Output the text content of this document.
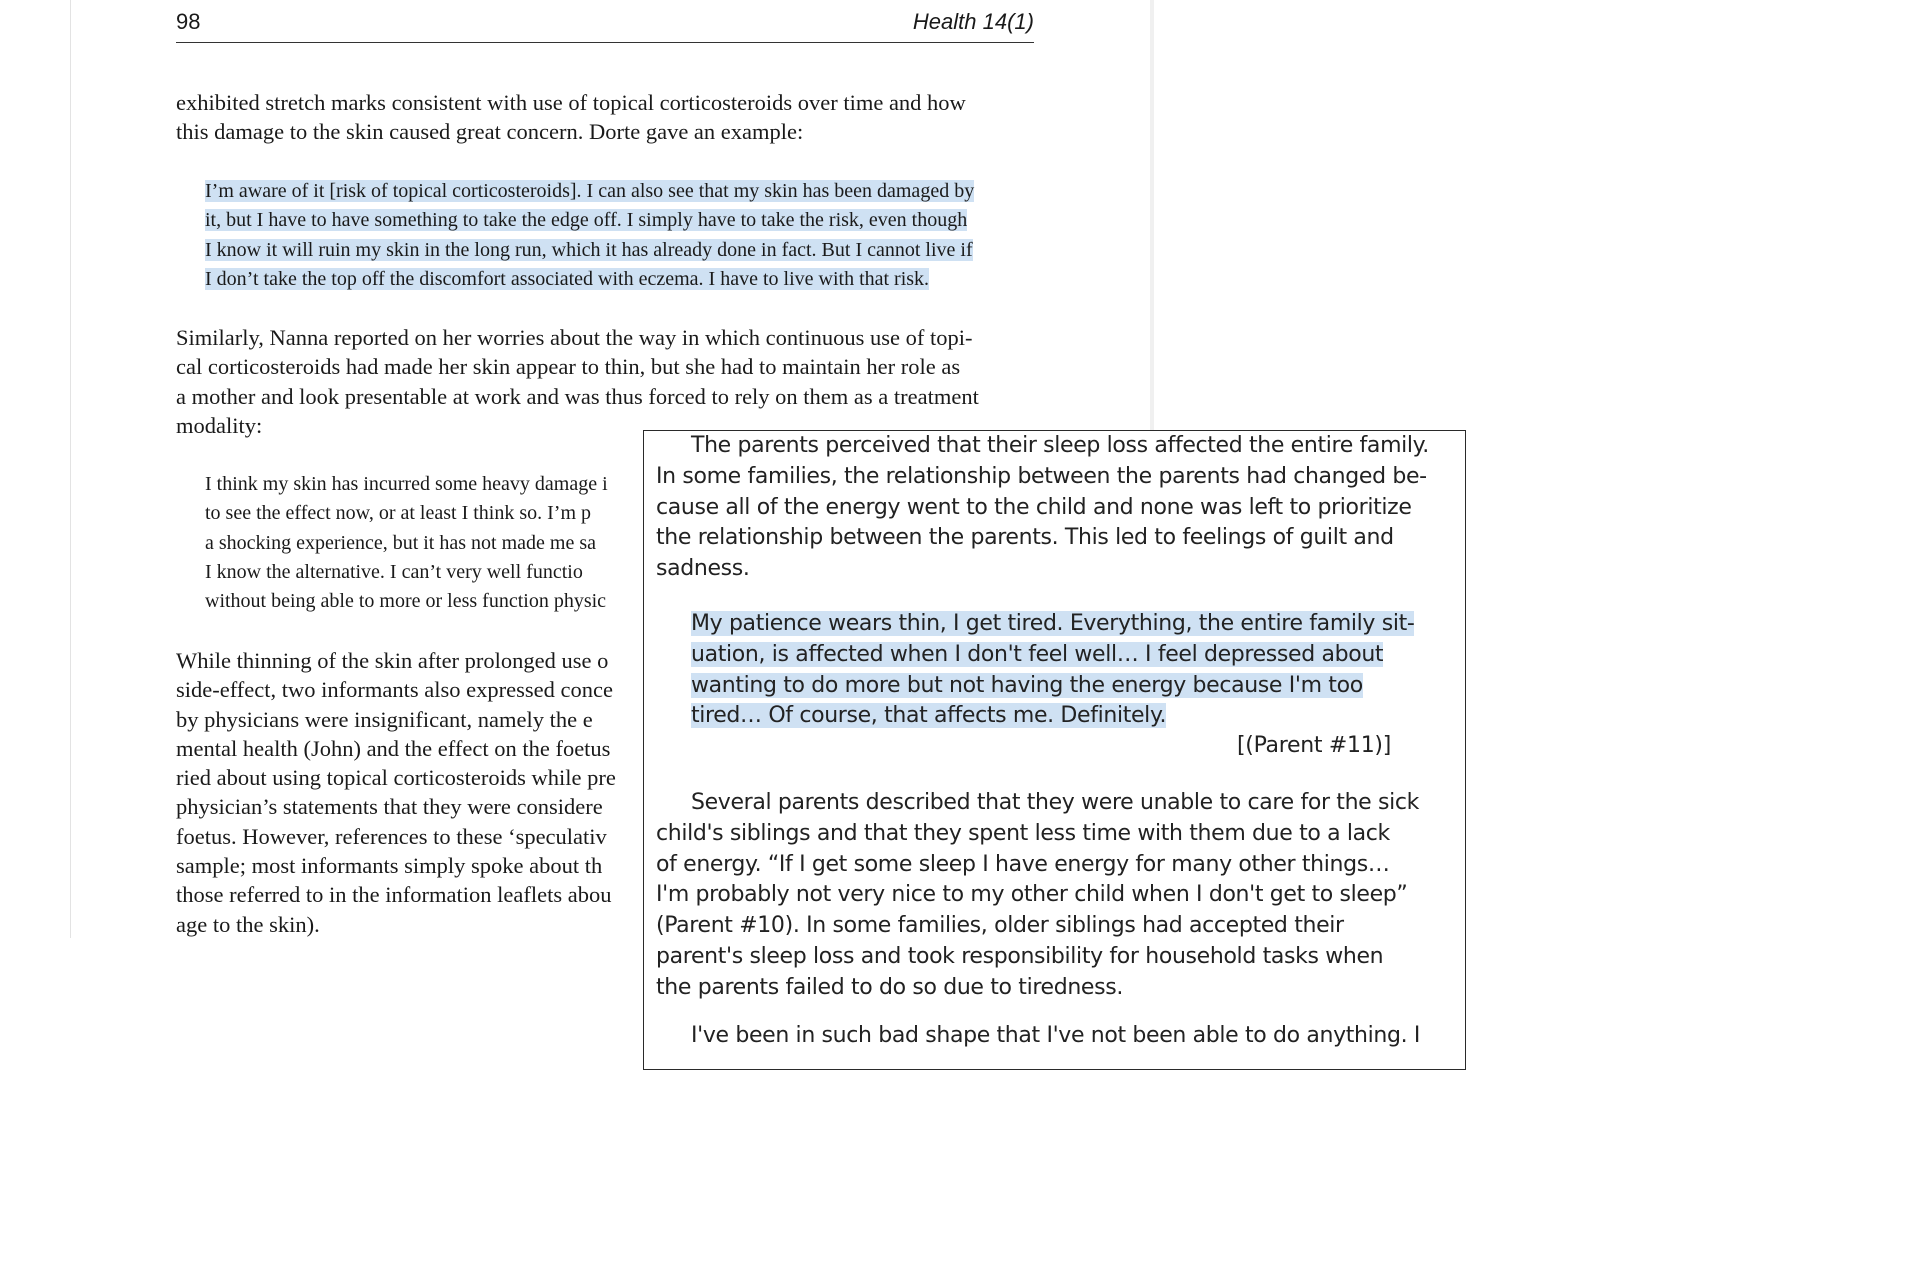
98	Health 14(1)
exhibited stretch marks consistent with use of topical corticosteroids over time and how
this damage to the skin caused great concern. Dorte gave an example:
I’m aware of it [risk of topical corticosteroids]. I can also see that my skin has been damaged by
it, but I have to have something to take the edge off. I simply have to take the risk, even though
I know it will ruin my skin in the long run, which it has already done in fact. But I cannot live if
I don’t take the top off the discomfort associated with eczema. I have to live with that risk.
Similarly, Nanna reported on her worries about the way in which continuous use of topi-
cal corticosteroids had made her skin appear to thin, but she had to maintain her role as
a mother and look presentable at work and was thus forced to rely on them as a treatment
modality:
I think my skin has incurred some heavy damage i
to see the effect now, or at least I think so. I’m p
a shocking experience, but it has not made me sa
I know the alternative. I can’t very well functio
without being able to more or less function physic
While thinning of the skin after prolonged use o
side-effect, two informants also expressed conce
by physicians were insignificant, namely the e
mental health (John) and the effect on the foetus
ried about using topical corticosteroids while pre
physician’s statements that they were considere
foetus. However, references to these ‘speculativ
sample; most informants simply spoke about th
those referred to in the information leaflets abou
age to the skin).
The parents perceived that their sleep loss affected the entire family.
In some families, the relationship between the parents had changed be-
cause all of the energy went to the child and none was left to prioritize
the relationship between the parents. This led to feelings of guilt and
sadness.
My patience wears thin, I get tired. Everything, the entire family sit-
uation, is affected when I don't feel well… I feel depressed about
wanting to do more but not having the energy because I'm too
tired… Of course, that affects me. Definitely.

[(Parent #11)]

Several parents described that they were unable to care for the sick
child's siblings and that they spent less time with them due to a lack
of energy. “If I get some sleep I have energy for many other things…
I'm probably not very nice to my other child when I don't get to sleep”
(Parent #10). In some families, older siblings had accepted their
parent's sleep loss and took responsibility for household tasks when
the parents failed to do so due to tiredness.
I've been in such bad shape that I've not been able to do anything. I
